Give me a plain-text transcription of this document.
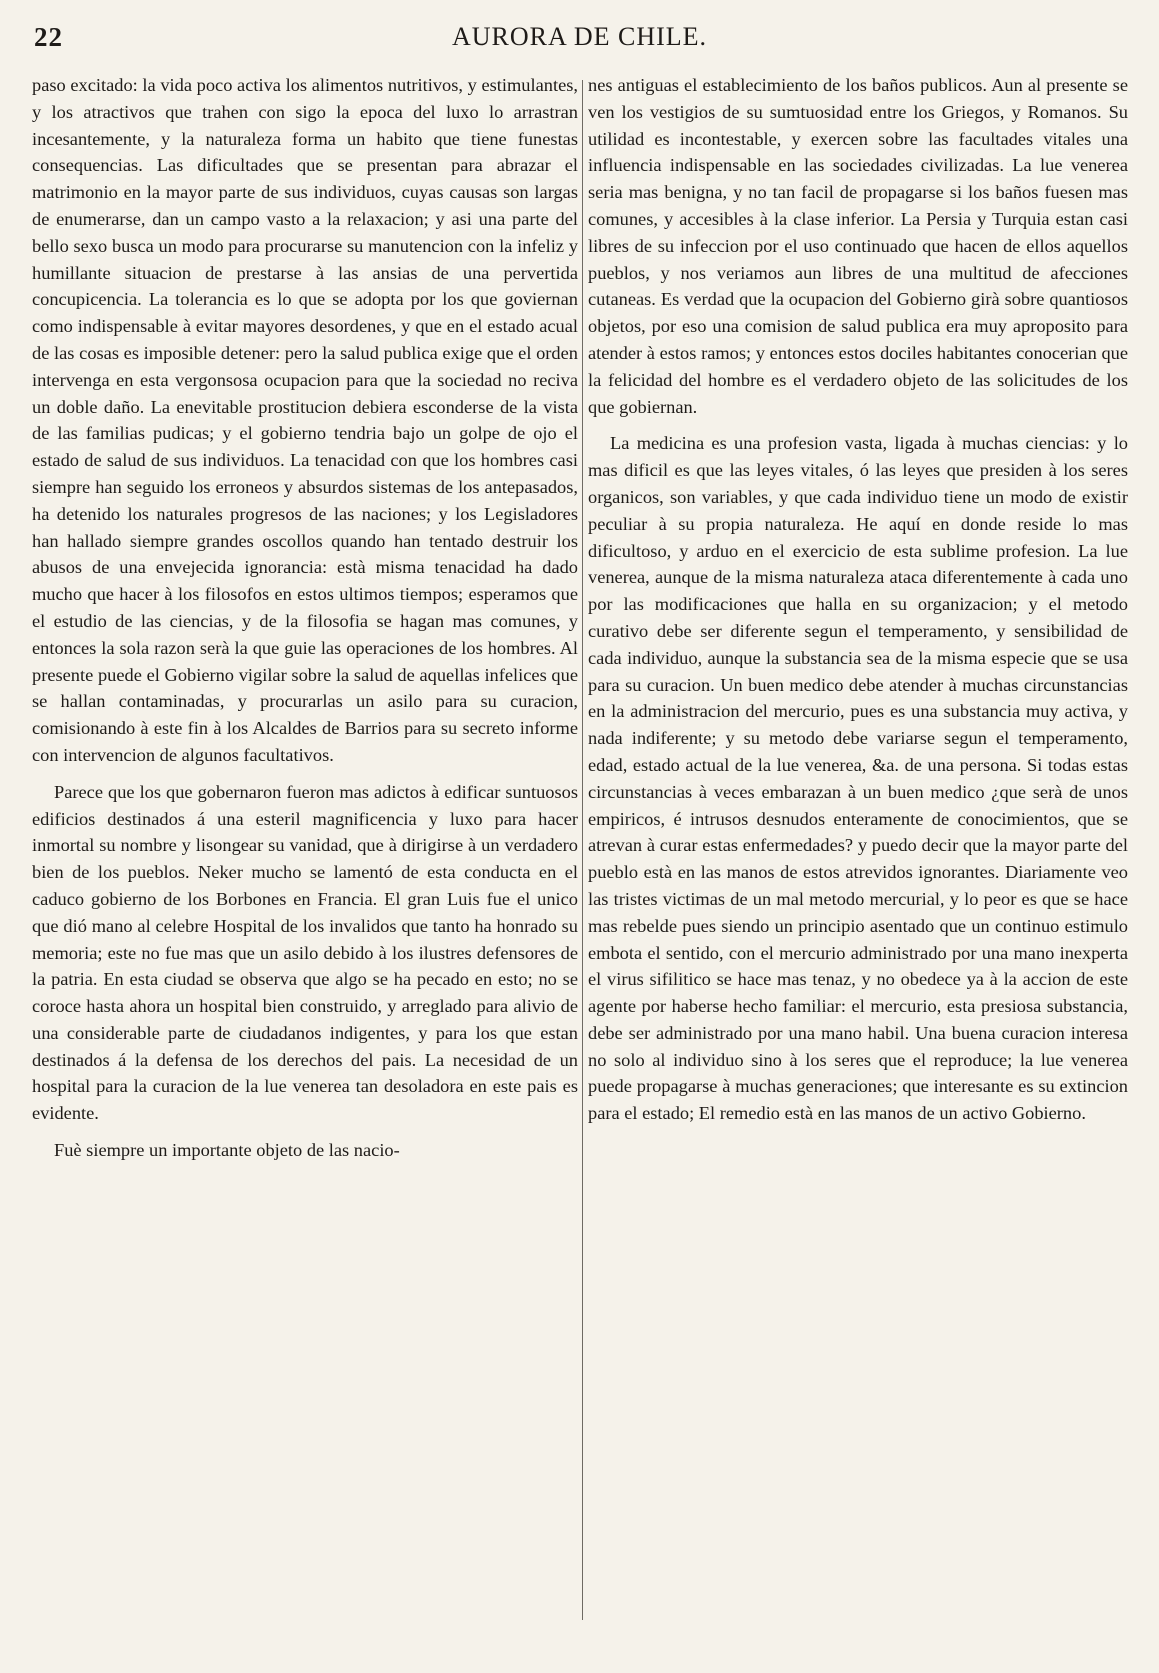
22	AURORA DE CHILE.

paso excitado: la vida poco activa los alimentos nutritivos, y estimulantes, y los atractivos que trahen con sigo la epoca del luxo lo arrastran incesantemente, y la naturaleza forma un habito que tiene funestas consequencias. Las dificultades que se presentan para abrazar el matrimonio en la mayor parte de sus individuos, cuyas causas son largas de enumerarse, dan un campo vasto a la relaxacion; y asi una parte del bello sexo busca un modo para procurarse su manutencion con la infeliz y humillante situacion de prestarse à las ansias de una pervertida concupicencia. La tolerancia es lo que se adopta por los que goviernan como indispensable à evitar mayores desordenes, y que en el estado acual de las cosas es imposible detener: pero la salud publica exige que el orden intervenga en esta vergonsosa ocupacion para que la sociedad no reciva un doble daño. La enevitable prostitucion debiera esconderse de la vista de las familias pudicas; y el gobierno tendria bajo un golpe de ojo el estado de salud de sus individuos. La tenacidad con que los hombres casi siempre han seguido los erroneos y absurdos sistemas de los antepasados, ha detenido los naturales progresos de las naciones; y los Legisladores han hallado siempre grandes oscollos quando han tentado destruir los abusos de una envejecida ignorancia: està misma tenacidad ha dado mucho que hacer à los filosofos en estos ultimos tiempos; esperamos que el estudio de las ciencias, y de la filosofia se hagan mas comunes, y entonces la sola razon serà la que guie las operaciones de los hombres. Al presente puede el Gobierno vigilar sobre la salud de aquellas infelices que se hallan contaminadas, y procurarlas un asilo para su curacion, comisionando à este fin à los Alcaldes de Barrios para su secreto informe con intervencion de algunos facultativos.

Parece que los que gobernaron fueron mas adictos à edificar suntuosos edificios destinados á una esteril magnificencia y luxo para hacer inmortal su nombre y lisongear su vanidad, que à dirigirse à un verdadero bien de los pueblos. Neker mucho se lamentó de esta conducta en el caduco gobierno de los Borbones en Francia. El gran Luis fue el unico que dió mano al celebre Hospital de los invalidos que tanto ha honrado su memoria; este no fue mas que un asilo debido à los ilustres defensores de la patria. En esta ciudad se observa que algo se ha pecado en esto; no se coroce hasta ahora un hospital bien construido, y arreglado para alivio de una considerable parte de ciudadanos indigentes, y para los que estan destinados á la defensa de los derechos del pais. La necesidad de un hospital para la curacion de la lue venerea tan desoladora en este pais es evidente.

Fuè siempre un importante objeto de las nacio-

nes antiguas el establecimiento de los baños publicos. Aun al presente se ven los vestigios de su sumtuosidad entre los Griegos, y Romanos. Su utilidad es incontestable, y exercen sobre las facultades vitales una influencia indispensable en las sociedades civilizadas. La lue venerea seria mas benigna, y no tan facil de propagarse si los baños fuesen mas comunes, y accesibles à la clase inferior. La Persia y Turquia estan casi libres de su infeccion por el uso continuado que hacen de ellos aquellos pueblos, y nos veriamos aun libres de una multitud de afecciones cutaneas. Es verdad que la ocupacion del Gobierno girà sobre quantiosos objetos, por eso una comision de salud publica era muy aproposito para atender à estos ramos; y entonces estos dociles habitantes conocerian que la felicidad del hombre es el verdadero objeto de las solicitudes de los que gobiernan.

La medicina es una profesion vasta, ligada à muchas ciencias: y lo mas dificil es que las leyes vitales, ó las leyes que presiden à los seres organicos, son variables, y que cada individuo tiene un modo de existir peculiar à su propia naturaleza. He aquí en donde reside lo mas dificultoso, y arduo en el exercicio de esta sublime profesion. La lue venerea, aunque de la misma naturaleza ataca diferentemente à cada uno por las modificaciones que halla en su organizacion; y el metodo curativo debe ser diferente segun el temperamento, y sensibilidad de cada individuo, aunque la substancia sea de la misma especie que se usa para su curacion. Un buen medico debe atender à muchas circunstancias en la administracion del mercurio, pues es una substancia muy activa, y nada indiferente; y su metodo debe variarse segun el temperamento, edad, estado actual de la lue venerea, &a. de una persona. Si todas estas circunstancias à veces embarazan à un buen medico ¿que serà de unos empiricos, é intrusos desnudos enteramente de conocimientos, que se atrevan à curar estas enfermedades? y puedo decir que la mayor parte del pueblo està en las manos de estos atrevidos ignorantes. Diariamente veo las tristes victimas de un mal metodo mercurial, y lo peor es que se hace mas rebelde pues siendo un principio asentado que un continuo estimulo embota el sentido, con el mercurio administrado por una mano inexperta el virus sifilitico se hace mas tenaz, y no obedece ya à la accion de este agente por haberse hecho familiar: el mercurio, esta presiosa substancia, debe ser administrado por una mano habil. Una buena curacion interesa no solo al individuo sino à los seres que el reproduce; la lue venerea puede propagarse à muchas generaciones; que interesante es su extincion para el estado; El remedio està en las manos de un activo Gobierno.
